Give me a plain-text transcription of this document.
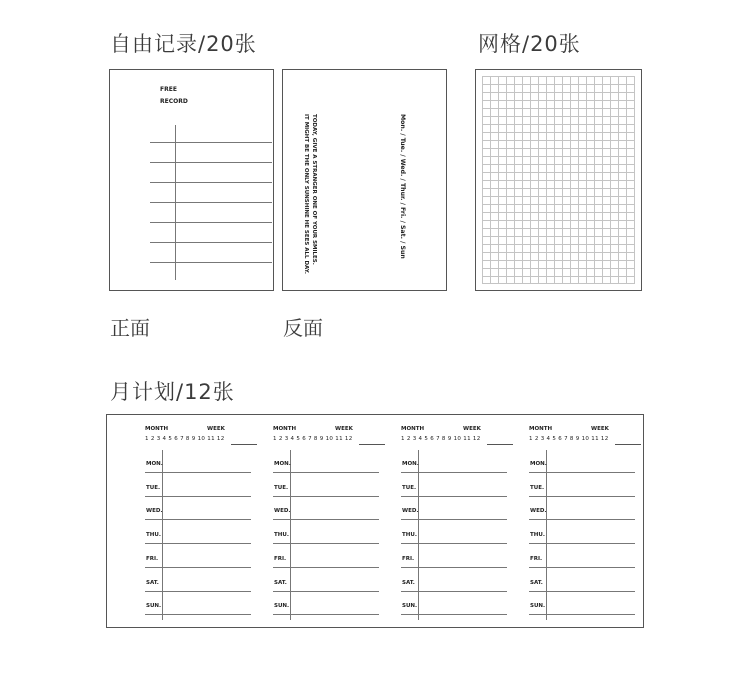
自由记录/20张	网格/20张
月计划/12张
FREE
RECORD
TODAY, GIVE A STRANGER ONE OF YOUR SMILES.
IT MIGHT BE THE ONLY SUNSHINE HE SEES ALL DAY.	Mon. / Tue. / Wed. / Thur. / Fri. / Sat. / Sun
正面	反面
MONTH	WEEK
1 2 3 4 5 6 7 8 9 10 11 12
MON.
TUE.
WED.
THU.
FRI.
SAT.
SUN.
MONTH	WEEK
1 2 3 4 5 6 7 8 9 10 11 12
MON.
TUE.
WED.
THU.
FRI.
SAT.
SUN.
MONTH	WEEK
1 2 3 4 5 6 7 8 9 10 11 12
MON.
TUE.
WED.
THU.
FRI.
SAT.
SUN.
MONTH	WEEK
1 2 3 4 5 6 7 8 9 10 11 12
MON.
TUE.
WED.
THU.
FRI.
SAT.
SUN.
